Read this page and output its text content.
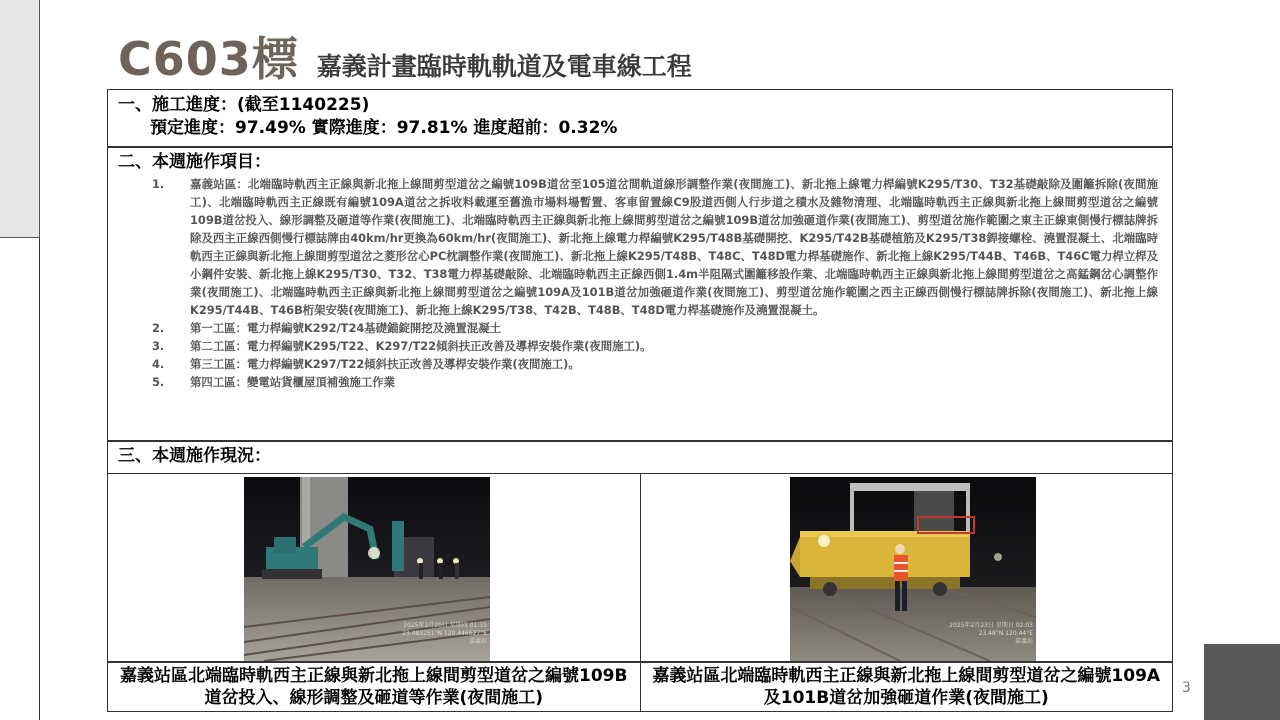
C603標 嘉義計畫臨時軌軌道及電車線工程
一、施工進度：(截至1140225)
預定進度：97.49% 實際進度：97.81% 進度超前：0.32%
二、本週施作項目：
1.	嘉義站區：北端臨時軌西主正線與新北拖上線間剪型道岔之編號109B道岔至105道岔間軌道線形調整作業(夜間施工)、新北拖上線電力桿編號K295/T30、T32基礎敲除及圍籬拆除(夜間施工)、北端臨時軌西主正線既有編號109A道岔之拆收料載運至舊漁市場料場暫置、客車留置線C9股道西側人行步道之積水及雜物清理、北端臨時軌西主正線與新北拖上線間剪型道岔之編號109B道岔投入、線形調整及砸道等作業(夜間施工)、北端臨時軌西主正線與新北拖上線間剪型道岔之編號109B道岔加強砸道作業(夜間施工)、剪型道岔施作範圍之東主正線東側慢行標誌牌拆除及西主正線西側慢行標誌牌由40km/hr更換為60km/hr(夜間施工)、新北拖上線電力桿編號K295/T48B基礎開挖、K295/T42B基礎植筋及K295/T38銲接螺栓、澆置混凝土、北端臨時軌西主正線與新北拖上線間剪型道岔之菱形岔心PC枕調整作業(夜間施工)、新北拖上線K295/T48B、T48C、T48D電力桿基礎施作、新北拖上線K295/T44B、T46B、T46C電力桿立桿及小鋼件安裝、新北拖上線K295/T30、T32、T38電力桿基礎敲除、北端臨時軌西主正線西側1.4m半阻隔式圍籬移設作業、北端臨時軌西主正線與新北拖上線間剪型道岔之高錳鋼岔心調整作業(夜間施工)、北端臨時軌西主正線與新北拖上線間剪型道岔之編號109A及101B道岔加強砸道作業(夜間施工)、剪型道岔施作範圍之西主正線西側慢行標誌牌拆除(夜間施工)、新北拖上線K295/T44B、T46B桁架安裝(夜間施工)、新北拖上線K295/T38、T42B、T48B、T48D電力桿基礎施作及澆置混凝土。
2.	第一工區：電力桿編號K292/T24基礎錨錠開挖及澆置混凝土
3.	第二工區：電力桿編號K295/T22、K297/T22傾斜扶正改善及導桿安裝作業(夜間施工)。
4.	第三工區：電力桿編號K297/T22傾斜扶正改善及導桿安裝作業(夜間施工)。
5.	第四工區：變電站貨櫃屋頂補強施工作業
三、本週施作現況：
2025年2月20日 星期四 01:31
23.483251°N 120.446627°E
嘉義站
2025年2月23日 星期日 02:03
23.48°N 120.44°E
嘉義站
嘉義站區北端臨時軌西主正線與新北拖上線間剪型道岔之編號109B道岔投入、線形調整及砸道等作業(夜間施工)
嘉義站區北端臨時軌西主正線與新北拖上線間剪型道岔之編號109A及101B道岔加強砸道作業(夜間施工)	3
